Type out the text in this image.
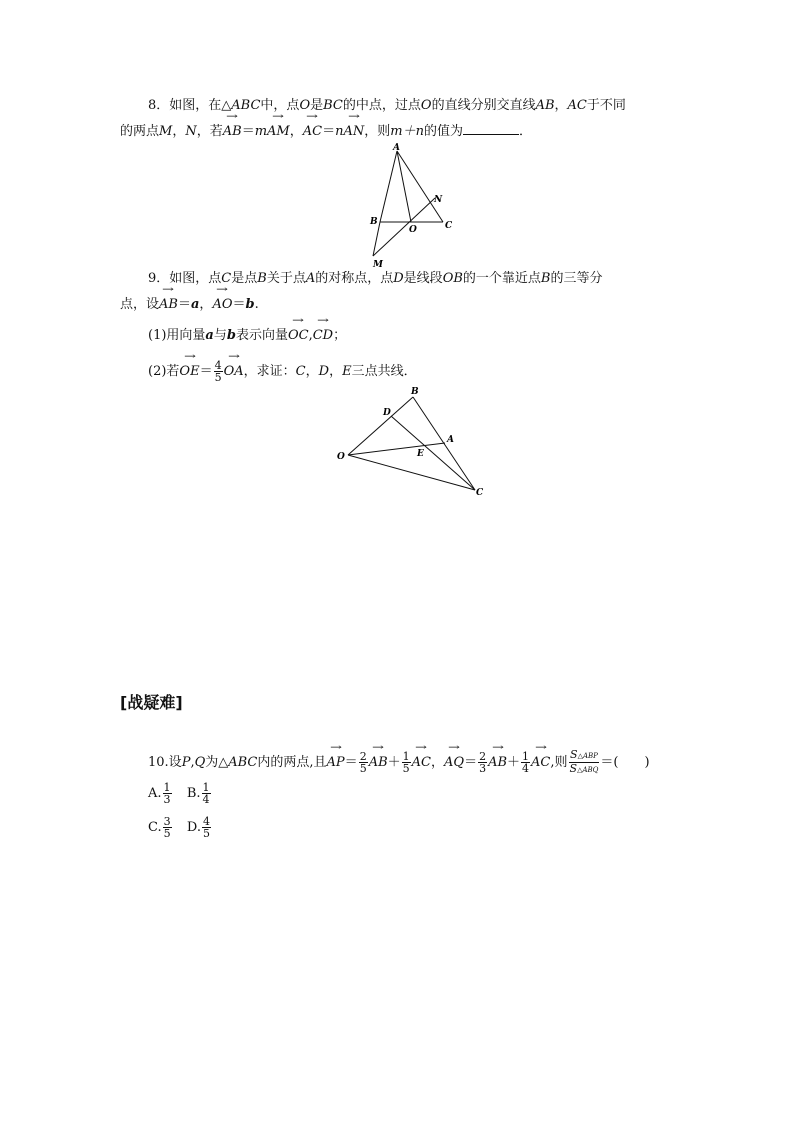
8．如图，在△ABC中，点O是BC的中点，过点O的直线分别交直线AB，AC于不同
的两点M，N，若→ AB＝m→ AM，→ AC＝n→ AN，则m＋n的值为	．
A
B	C
O
N
M
9．如图，点C是点B关于点A的对称点，点D是线段OB的一个靠近点B的三等分
点，设→ AB＝a，→ AO＝b.
(1)用向量a与b表示向量→ OC,→ CD；
(2)若→ $OE= \frac{4}{5}$
→ OA，求证：C，D，E三点共线．
B
D
A
O	E
C
[战疑难]
10.设P,Q为△ABC内的两点,且→ $AP= \frac{2}{5}$
→ $AB+ \frac{1}{5}$
→ AC，→ $AQ= \frac{2}{3}$
→ $AB+ \frac{1}{4}$
→ AC,则 $\frac{\text{S△ABP}}{\text{S△ABQ}}$ ＝(　　)
A. $\frac{1}{3} B$. $\frac{1}{4}$
C. $\frac{3}{5} D$. $\frac{4}{5}$
